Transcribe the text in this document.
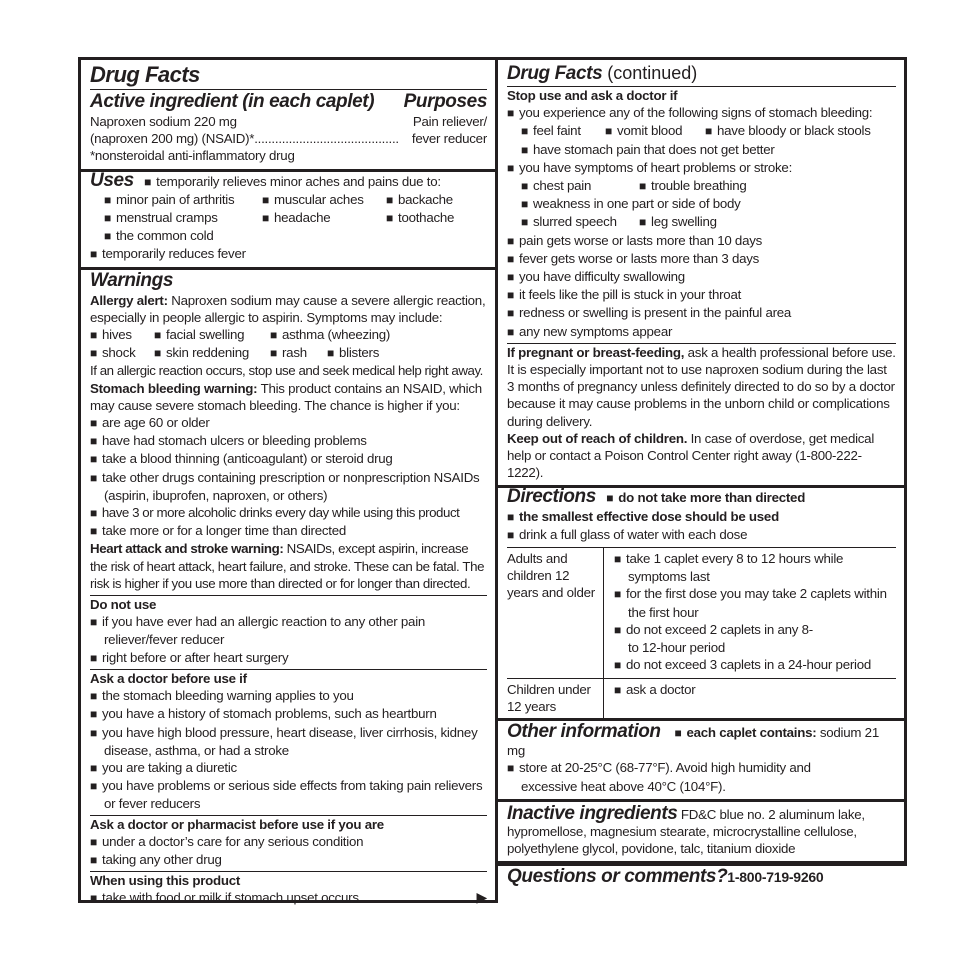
Drug Facts
Active ingredient (in each caplet) Purposes
Naproxen sodium 220 mg	Pain reliever/
(naproxen 200 mg) (NSAID)*.......................................... fever reducer
*nonsteroidal anti-inflammatory drug
Uses ■ temporarily relieves minor aches and pains due to:
■ minor pain of arthritis	■ muscular aches	■ backache
■ menstrual cramps	■ headache	■ toothache
■ the common cold
■ temporarily reduces fever
Warnings
Allergy alert: Naproxen sodium may cause a severe allergic reaction, especially in people allergic to aspirin. Symptoms may include:
■ hives	■ facial swelling	■ asthma (wheezing)
■ shock	■ skin reddening	■ rash	■ blisters
If an allergic reaction occurs, stop use and seek medical help right away.
Stomach bleeding warning: This product contains an NSAID, which may cause severe stomach bleeding. The chance is higher if you:
■ are age 60 or older
■ have had stomach ulcers or bleeding problems
■ take a blood thinning (anticoagulant) or steroid drug
■ take other drugs containing prescription or nonprescription NSAIDs (aspirin, ibuprofen, naproxen, or others)
■ have 3 or more alcoholic drinks every day while using this product
■ take more or for a longer time than directed
Heart attack and stroke warning: NSAIDs, except aspirin, increase the risk of heart attack, heart failure, and stroke. These can be fatal. The risk is higher if you use more than directed or for longer than directed.
Do not use
■ if you have ever had an allergic reaction to any other pain reliever/fever reducer
■ right before or after heart surgery
Ask a doctor before use if
■ the stomach bleeding warning applies to you
■ you have a history of stomach problems, such as heartburn
■ you have high blood pressure, heart disease, liver cirrhosis, kidney disease, asthma, or had a stroke
■ you are taking a diuretic
■ you have problems or serious side effects from taking pain relievers or fever reducers
Ask a doctor or pharmacist before use if you are
■ under a doctor’s care for any serious condition
■ taking any other drug
When using this product
■ take with food or milk if stomach upset occurs	▶
Drug Facts (continued)
Stop use and ask a doctor if
■ you experience any of the following signs of stomach bleeding:
■ feel faint	■ vomit blood	■ have bloody or black stools
■ have stomach pain that does not get better
■ you have symptoms of heart problems or stroke:
■ chest pain	■ trouble breathing
■ weakness in one part or side of body
■ slurred speech	■ leg swelling
■ pain gets worse or lasts more than 10 days
■ fever gets worse or lasts more than 3 days
■ you have difficulty swallowing
■ it feels like the pill is stuck in your throat
■ redness or swelling is present in the painful area
■ any new symptoms appear
If pregnant or breast-feeding, ask a health professional before use. It is especially important not to use naproxen sodium during the last 3 months of pregnancy unless definitely directed to do so by a doctor because it may cause problems in the unborn child or complications during delivery.
Keep out of reach of children. In case of overdose, get medical help or contact a Poison Control Center right away (1-800-222-1222).
Directions ■ do not take more than directed
■ the smallest effective dose should be used
■ drink a full glass of water with each dose
Adults and children 12 years and older
■ take 1 caplet every 8 to 12 hours while symptoms last
■ for the first dose you may take 2 caplets within the first hour
■ do not exceed 2 caplets in any 8- to 12-hour period
■ do not exceed 3 caplets in a 24-hour period
Children under 12 years
■ ask a doctor
Other information ■ each caplet contains: sodium 21 mg
■ store at 20-25°C (68-77°F). Avoid high humidity and excessive heat above 40°C (104°F).
Inactive ingredients FD&C blue no. 2 aluminum lake, hypromellose, magnesium stearate, microcrystalline cellulose, polyethylene glycol, povidone, talc, titanium dioxide
Questions or comments?1-800-719-9260
